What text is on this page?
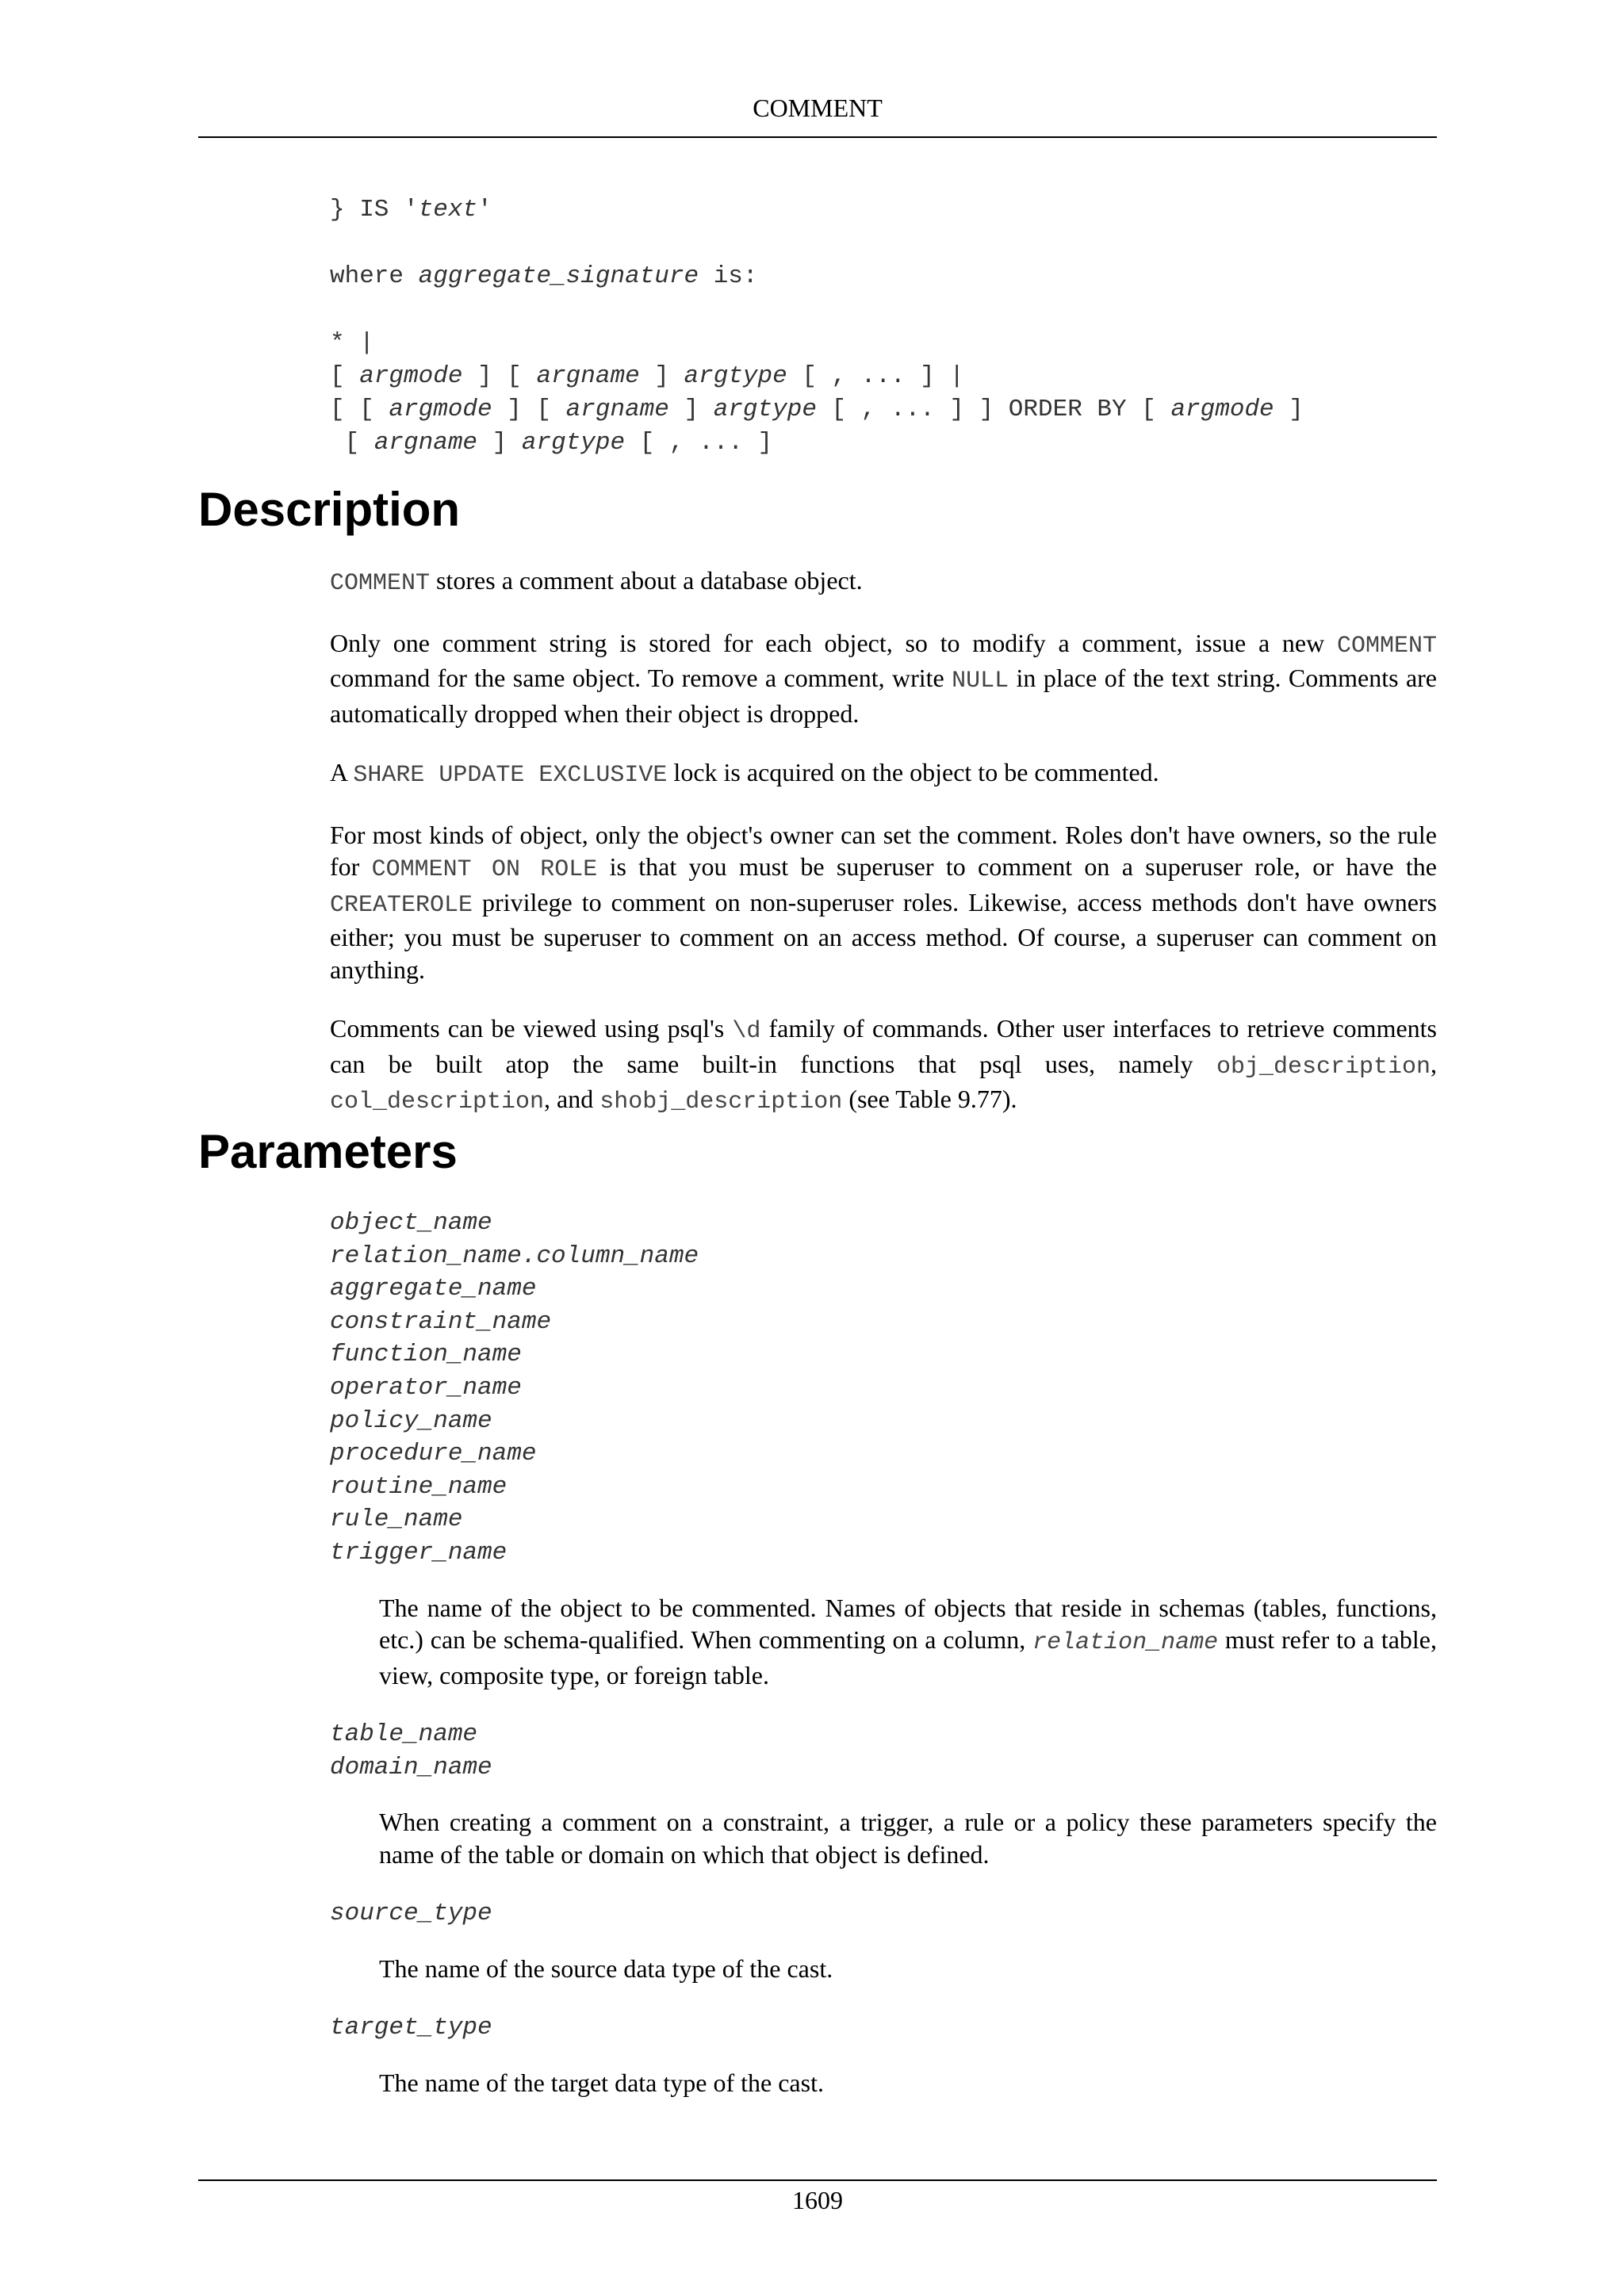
COMMENT
} IS 'text'

where aggregate_signature is:

* |
[ argmode ] [ argname ] argtype [ , ... ] |
[ [ argmode ] [ argname ] argtype [ , ... ] ] ORDER BY [ argmode ]
[ argname ] argtype [ , ... ]
Description

COMMENT stores a comment about a database object.

Only one comment string is stored for each object, so to modify a comment, issue a new COMMENT command for the same object. To remove a comment, write NULL in place of the text string. Comments are automatically dropped when their object is dropped.

A SHARE UPDATE EXCLUSIVE lock is acquired on the object to be commented.

For most kinds of object, only the object's owner can set the comment. Roles don't have owners, so the rule for COMMENT ON ROLE is that you must be superuser to comment on a superuser role, or have the CREATEROLE privilege to comment on non-superuser roles. Likewise, access methods don't have owners either; you must be superuser to comment on an access method. Of course, a superuser can comment on anything.

Comments can be viewed using psql's \d family of commands. Other user interfaces to retrieve comments can be built atop the same built-in functions that psql uses, namely obj_description, col_description, and shobj_description (see Table 9.77).

Parameters
object_name
relation_name.column_name
aggregate_name
constraint_name
function_name
operator_name
policy_name
procedure_name
routine_name
rule_name
trigger_name
The name of the object to be commented. Names of objects that reside in schemas (tables, functions, etc.) can be schema-qualified. When commenting on a column, relation_name must refer to a table, view, composite type, or foreign table.
table_name
domain_name
When creating a comment on a constraint, a trigger, a rule or a policy these parameters specify the name of the table or domain on which that object is defined.
source_type
The name of the source data type of the cast.
target_type
The name of the target data type of the cast.
1609
